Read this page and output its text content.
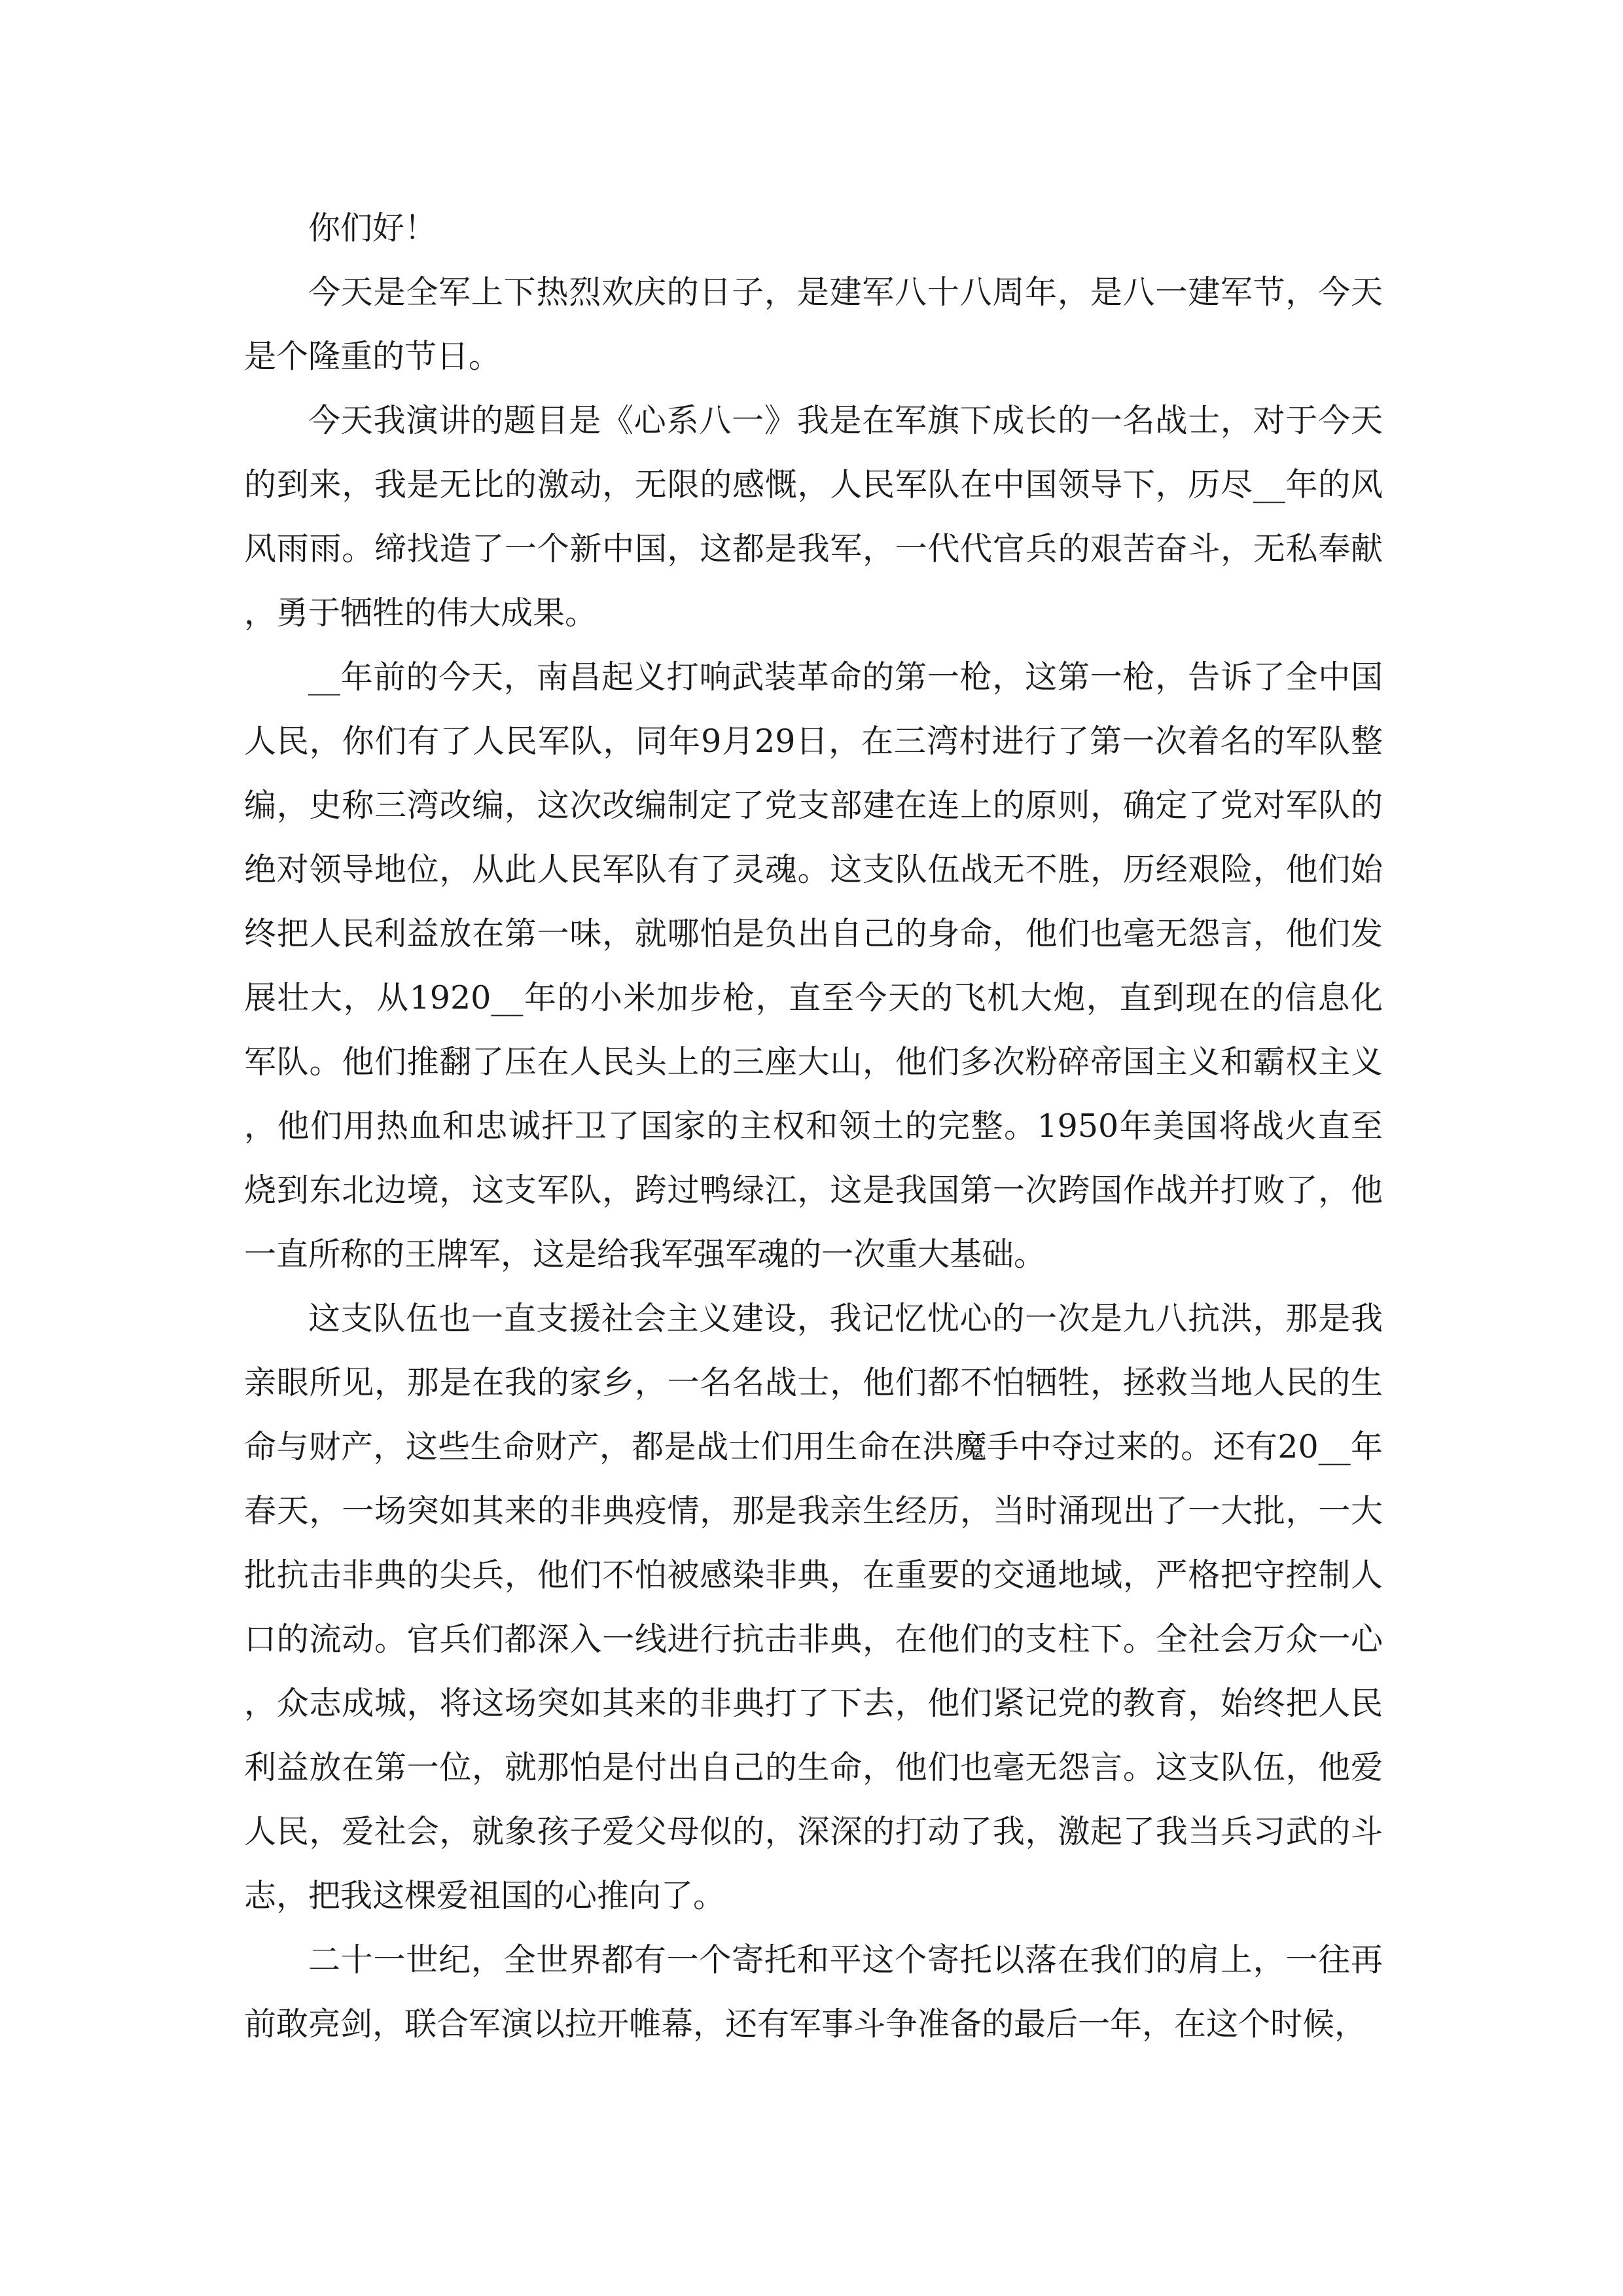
你们好！

今天是全军上下热烈欢庆的日子，是建军八十八周年，是八一建军节，今天是个隆重的节日。

今天我演讲的题目是《心系八一》我是在军旗下成长的一名战士，对于今天的到来，我是无比的激动，无限的感慨，人民军队在中国领导下，历尽__年的风风雨雨。缔找造了一个新中国，这都是我军，一代代官兵的艰苦奋斗，无私奉献，勇于牺牲的伟大成果。

__年前的今天，南昌起义打响武装革命的第一枪，这第一枪，告诉了全中国人民，你们有了人民军队，同年9月29日，在三湾村进行了第一次着名的军队整编，史称三湾改编，这次改编制定了党支部建在连上的原则，确定了党对军队的绝对领导地位，从此人民军队有了灵魂。这支队伍战无不胜，历经艰险，他们始终把人民利益放在第一味，就哪怕是负出自己的身命，他们也毫无怨言，他们发展壮大，从1920__年的小米加步枪，直至今天的飞机大炮，直到现在的信息化军队。他们推翻了压在人民头上的三座大山，他们多次粉碎帝国主义和霸权主义，他们用热血和忠诚扞卫了国家的主权和领土的完整。1950年美国将战火直至烧到东北边境，这支军队，跨过鸭绿江，这是我国第一次跨国作战并打败了，他一直所称的王牌军，这是给我军强军魂的一次重大基础。

这支队伍也一直支援社会主义建设，我记忆忧心的一次是九八抗洪，那是我亲眼所见，那是在我的家乡，一名名战士，他们都不怕牺牲，拯救当地人民的生命与财产，这些生命财产，都是战士们用生命在洪魔手中夺过来的。还有20__年春天，一场突如其来的非典疫情，那是我亲生经历，当时涌现出了一大批，一大批抗击非典的尖兵，他们不怕被感染非典，在重要的交通地域，严格把守控制人口的流动。官兵们都深入一线进行抗击非典，在他们的支柱下。全社会万众一心，众志成城，将这场突如其来的非典打了下去，他们紧记党的教育，始终把人民利益放在第一位，就那怕是付出自己的生命，他们也毫无怨言。这支队伍，他爱人民，爱社会，就象孩子爱父母似的，深深的打动了我，激起了我当兵习武的斗志，把我这棵爱祖国的心推向了。

二十一世纪，全世界都有一个寄托和平这个寄托以落在我们的肩上，一往再前敢亮剑，联合军演以拉开帷幕，还有军事斗争准备的最后一年，在这个时候，
